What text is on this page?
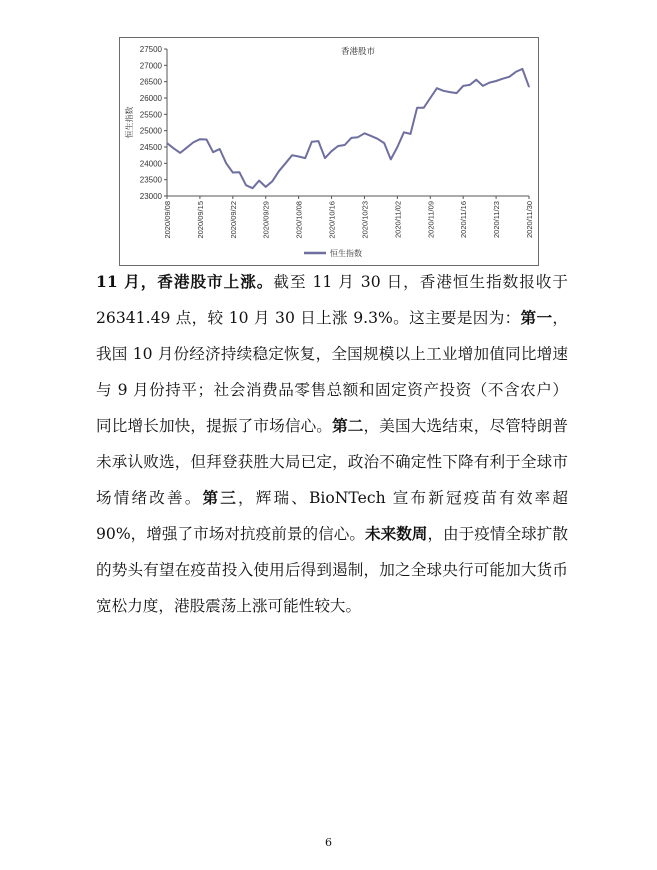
23000
23500
24000
24500
25000
25500
26000
26500
27000
27500
恒生指数
2020/09/08	2020/09/15	2020/09/22	2020/09/29	2020/10/08	2020/10/16	2020/10/23	2020/11/02	2020/11/09	2020/11/16	2020/11/23	2020/11/30
香港股市
恒生指数

11 月，香港股市上涨。截至 11 月 30 日，香港恒生指数报收于 26341.49 点，较 10 月 30 日上涨 9.3%。这主要是因为：第一，我国 10 月份经济持续稳定恢复，全国规模以上工业增加值同比增速与 9 月份持平；社会消费品零售总额和固定资产投资（不含农户）同比增长加快，提振了市场信心。第二，美国大选结束，尽管特朗普未承认败选，但拜登获胜大局已定，政治不确定性下降有利于全球市场情绪改善。第三，辉瑞、BioNTech 宣布新冠疫苗有效率超 90%，增强了市场对抗疫前景的信心。未来数周，由于疫情全球扩散的势头有望在疫苗投入使用后得到遏制，加之全球央行可能加大货币宽松力度，港股震荡上涨可能性较大。

6
